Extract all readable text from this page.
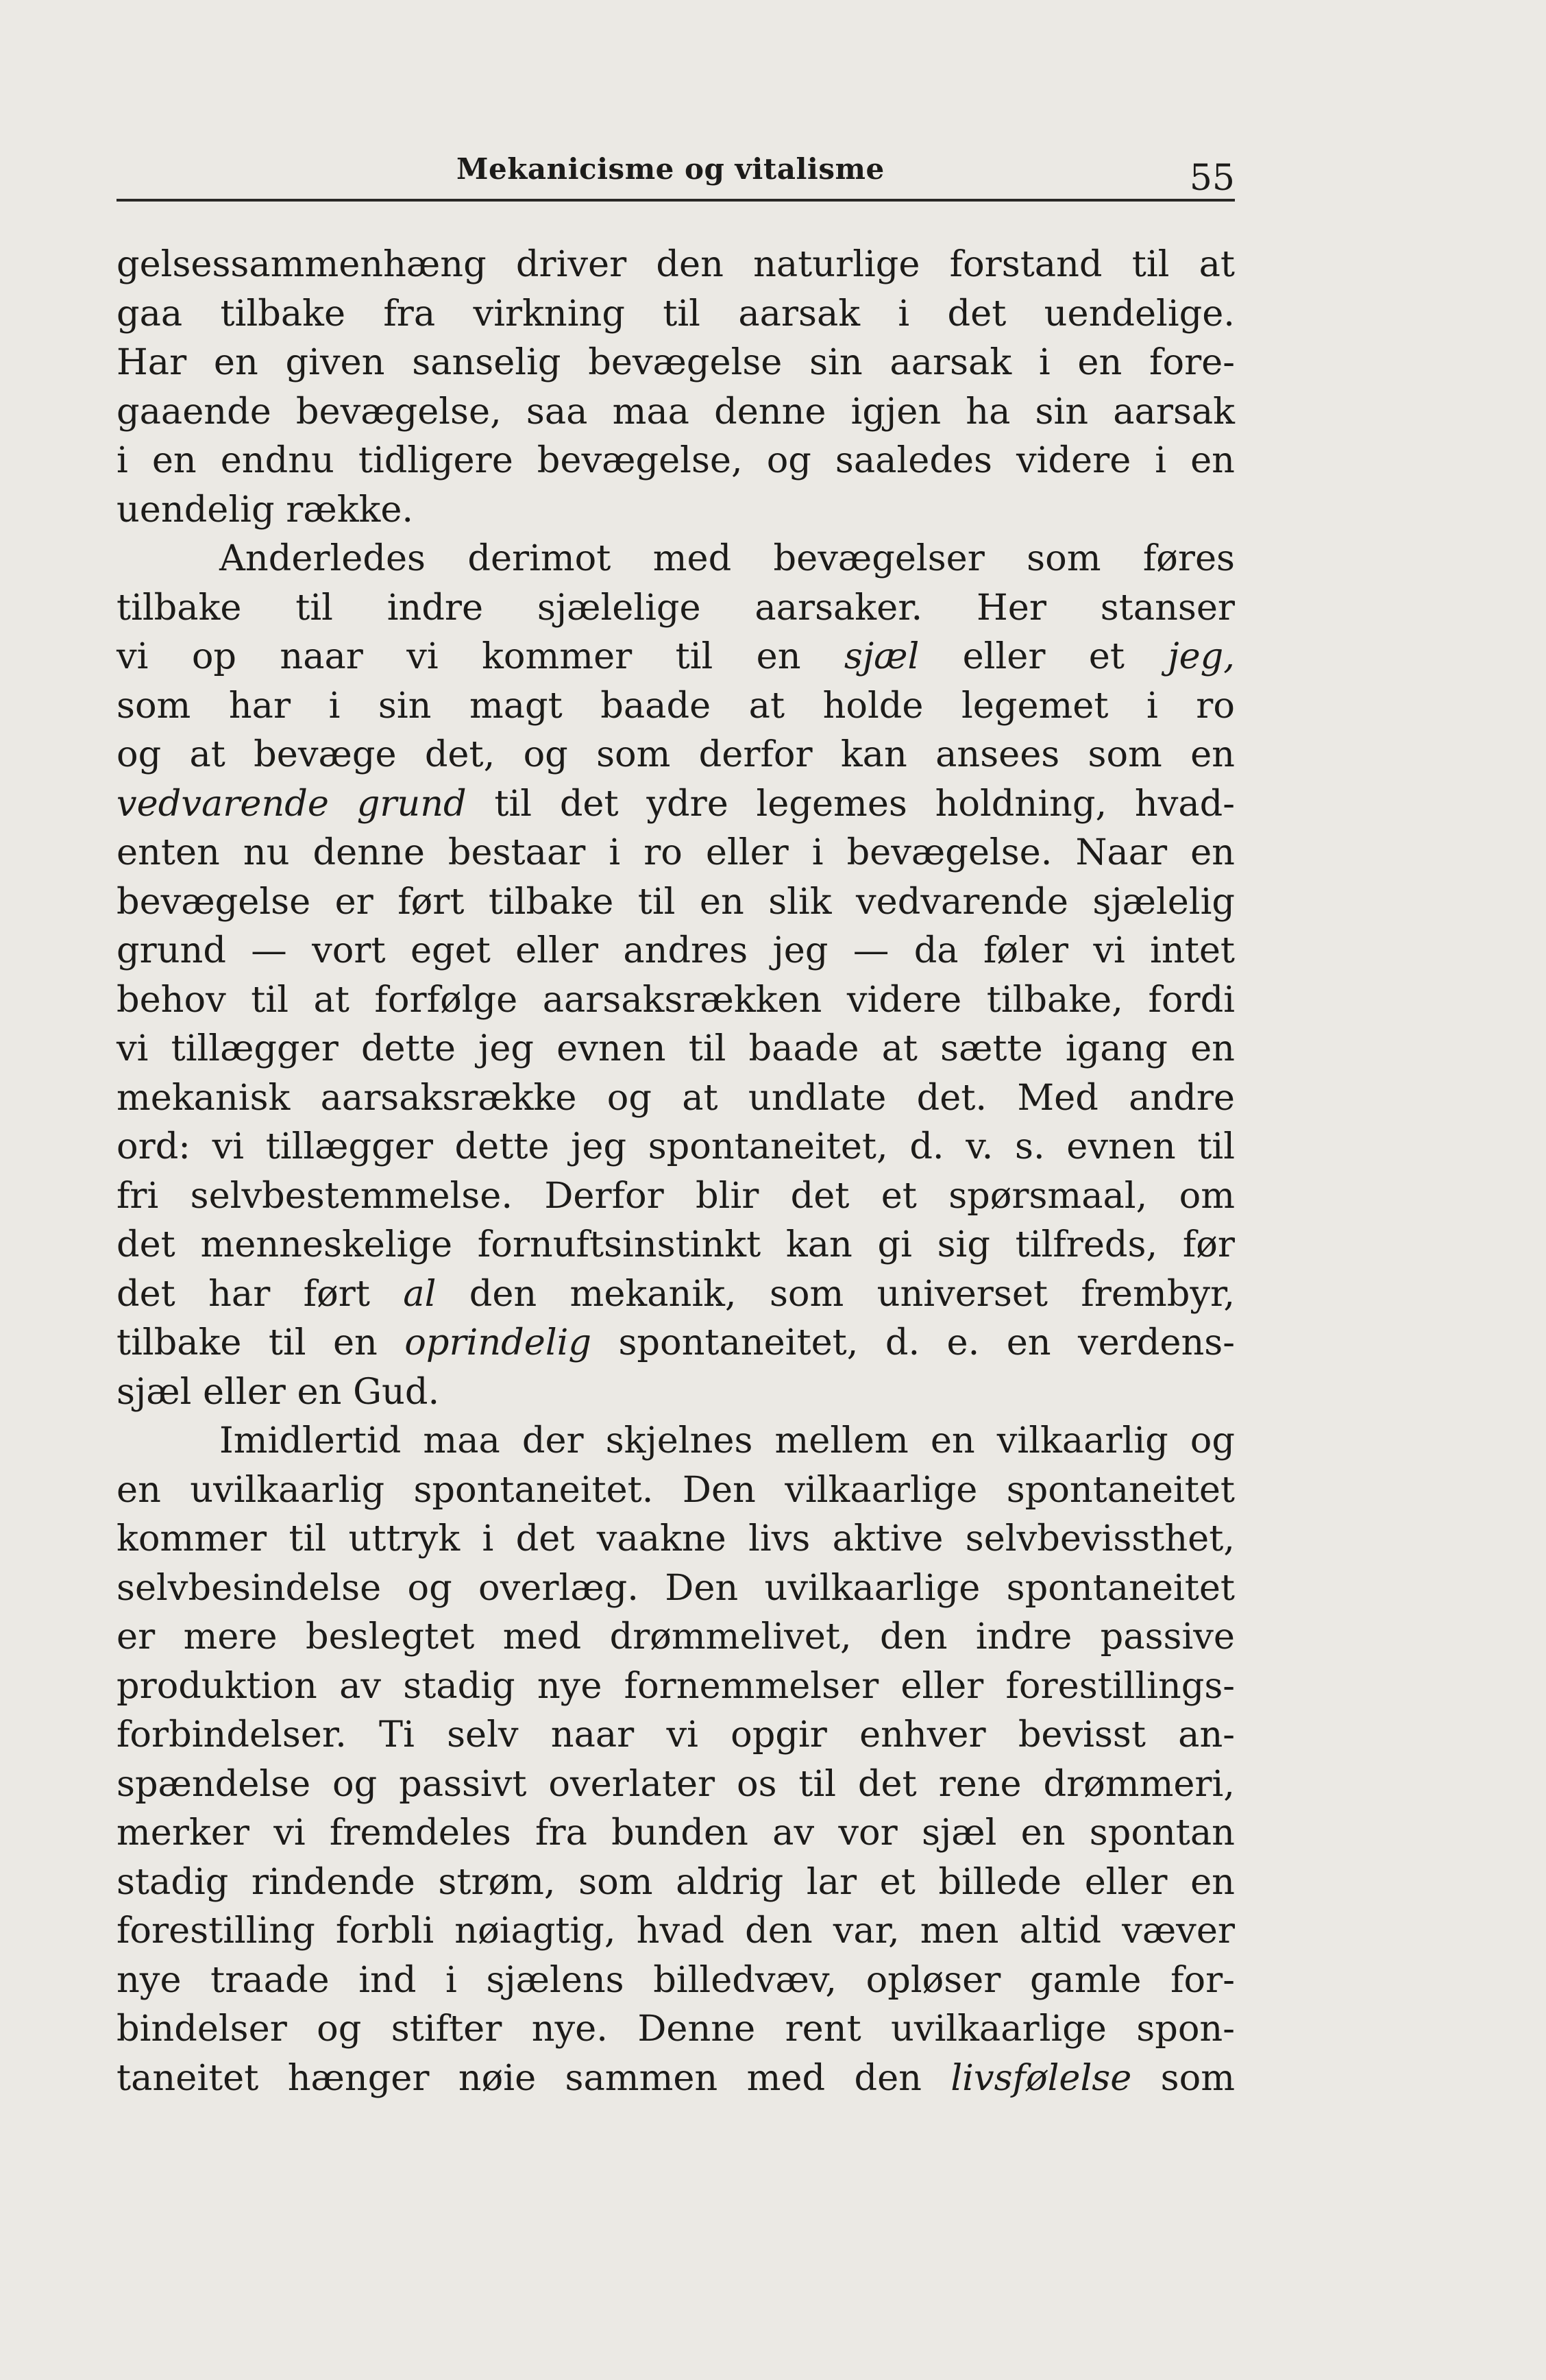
Mekanicisme og vitalisme	55
gelsessammenhæng driver den naturlige forstand til at
gaa tilbake fra virkning til aarsak i det uendelige.
Har en given sanselig bevægelse sin aarsak i en fore-
gaaende bevægelse, saa maa denne igjen ha sin aarsak
i en endnu tidligere bevægelse, og saaledes videre i en
uendelig række.
Anderledes derimot med bevægelser som føres
tilbake til indre sjælelige aarsaker. Her stanser
vi op naar vi kommer til en sjæl eller et jeg,
som har i sin magt baade at holde legemet i ro
og at bevæge det, og som derfor kan ansees som en
vedvarende grund til det ydre legemes holdning, hvad-
enten nu denne bestaar i ro eller i bevægelse. Naar en
bevægelse er ført tilbake til en slik vedvarende sjælelig
grund — vort eget eller andres jeg — da føler vi intet
behov til at forfølge aarsaksrækken videre tilbake, fordi
vi tillægger dette jeg evnen til baade at sætte igang en
mekanisk aarsaksrække og at undlate det. Med andre
ord: vi tillægger dette jeg spontaneitet, d. v. s. evnen til
fri selvbestemmelse. Derfor blir det et spørsmaal, om
det menneskelige fornuftsinstinkt kan gi sig tilfreds, før
det har ført al den mekanik, som universet frembyr,
tilbake til en oprindelig spontaneitet, d. e. en verdens-
sjæl eller en Gud.
Imidlertid maa der skjelnes mellem en vilkaarlig og
en uvilkaarlig spontaneitet. Den vilkaarlige spontaneitet
kommer til uttryk i det vaakne livs aktive selvbevissthet,
selvbesindelse og overlæg. Den uvilkaarlige spontaneitet
er mere beslegtet med drømmelivet, den indre passive
produktion av stadig nye fornemmelser eller forestillings-
forbindelser. Ti selv naar vi opgir enhver bevisst an-
spændelse og passivt overlater os til det rene drømmeri,
merker vi fremdeles fra bunden av vor sjæl en spontan
stadig rindende strøm, som aldrig lar et billede eller en
forestilling forbli nøiagtig, hvad den var, men altid væver
nye traade ind i sjælens billedvæv, opløser gamle for-
bindelser og stifter nye. Denne rent uvilkaarlige spon-
taneitet hænger nøie sammen med den livsfølelse som
